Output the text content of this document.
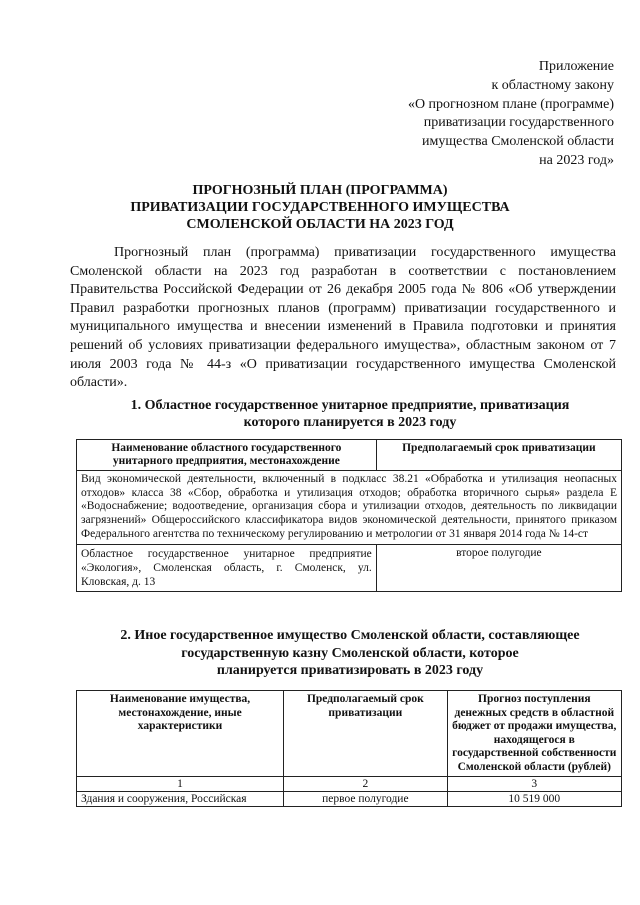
Приложение
к областному закону
«О прогнозном плане (программе)
приватизации государственного
имущества Смоленской области
на 2023 год»
ПРОГНОЗНЫЙ ПЛАН (ПРОГРАММА)
ПРИВАТИЗАЦИИ ГОСУДАРСТВЕННОГО ИМУЩЕСТВА
СМОЛЕНСКОЙ ОБЛАСТИ НА 2023 ГОД

Прогнозный план (программа) приватизации государственного имущества Смоленской области на 2023 год разработан в соответствии с постановлением Правительства Российской Федерации от 26 декабря 2005 года № 806 «Об утверждении Правил разработки прогнозных планов (программ) приватизации государственного и муниципального имущества и внесении изменений в Правила подготовки и принятия решений об условиях приватизации федерального имущества», областным законом от 7 июля 2003 года № 44-з «О приватизации государственного имущества Смоленской области».

1. Областное государственное унитарное предприятие, приватизация
которого планируется в 2023 году
Наименование областного государственного унитарного предприятия, местонахождение	Предполагаемый срок приватизации
Вид экономической деятельности, включенный в подкласс 38.21 «Обработка и утилизация неопасных отходов» класса 38 «Сбор, обработка и утилизация отходов; обработка вторичного сырья» раздела Е «Водоснабжение; водоотведение, организация сбора и утилизации отходов, деятельность по ликвидации загрязнений» Общероссийского классификатора видов экономической деятельности, принятого приказом Федерального агентства по техническому регулированию и метрологии от 31 января 2014 года № 14-ст	
Областное государственное унитарное предприятие «Экология», Смоленская область, г. Смоленск, ул. Кловская, д. 13	второе полугодие
2. Иное государственное имущество Смоленской области, составляющее
государственную казну Смоленской области, которое
планируется приватизировать в 2023 году
Наименование имущества, местонахождение, иные характеристики	Предполагаемый срок приватизации	Прогноз поступления денежных средств в областной бюджет от продажи имущества, находящегося в государственной собственности Смоленской области (рублей)
1	2	3
Здания и сооружения, Российская	первое полугодие	10 519 000
